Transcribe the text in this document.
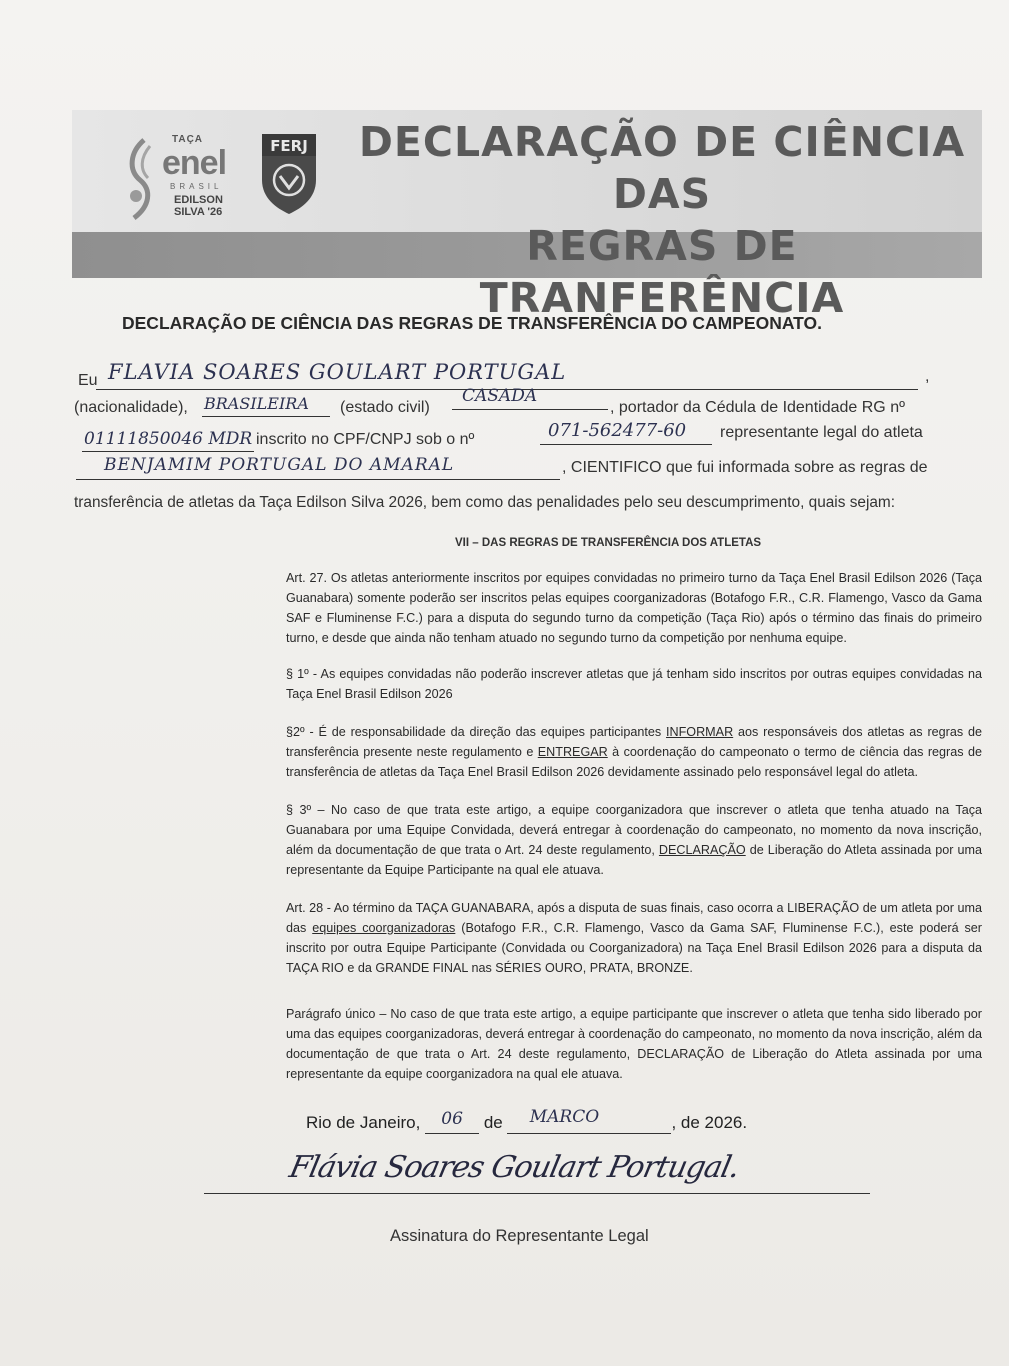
TAÇA
enel
BRASIL
EDILSON
SILVA '26
FERJ DECLARAÇÃO DE CIÊNCIA DAS
REGRAS DE TRANFERÊNCIA
DECLARAÇÃO DE CIÊNCIA DAS REGRAS DE TRANSFERÊNCIA DO CAMPEONATO.
Eu FLAVIA SOARES GOULART PORTUGAL	,
(nacionalidade), BRASILEIRA (estado civil)
CASADA
, portador da Cédula de Identidade RG nº
01111850046 MDR inscrito no CPF/CNPJ sob o nº	071-562477-60 representante legal do atleta
BENJAMIM PORTUGAL DO AMARAL	, CIENTIFICO que fui informada sobre as regras de
transferência de atletas da Taça Edilson Silva 2026, bem como das penalidades pelo seu descumprimento, quais sejam:
VII – DAS REGRAS DE TRANSFERÊNCIA DOS ATLETAS
Art. 27. Os atletas anteriormente inscritos por equipes convidadas no primeiro turno da Taça Enel Brasil Edilson 2026 (Taça Guanabara) somente poderão ser inscritos pelas equipes coorganizadoras (Botafogo F.R., C.R. Flamengo, Vasco da Gama SAF e Fluminense F.C.) para a disputa do segundo turno da competição (Taça Rio) após o término das finais do primeiro turno, e desde que ainda não tenham atuado no segundo turno da competição por nenhuma equipe.
§ 1º - As equipes convidadas não poderão inscrever atletas que já tenham sido inscritos por outras equipes convidadas na Taça Enel Brasil Edilson 2026
§2º - É de responsabilidade da direção das equipes participantes INFORMAR aos responsáveis dos atletas as regras de transferência presente neste regulamento e ENTREGAR à coordenação do campeonato o termo de ciência das regras de transferência de atletas da Taça Enel Brasil Edilson 2026 devidamente assinado pelo responsável legal do atleta.
§ 3º – No caso de que trata este artigo, a equipe coorganizadora que inscrever o atleta que tenha atuado na Taça Guanabara por uma Equipe Convidada, deverá entregar à coordenação do campeonato, no momento da nova inscrição, além da documentação de que trata o Art. 24 deste regulamento, DECLARAÇÃO de Liberação do Atleta assinada por uma representante da Equipe Participante na qual ele atuava.
Art. 28 - Ao término da TAÇA GUANABARA, após a disputa de suas finais, caso ocorra a LIBERAÇÃO de um atleta por uma das equipes coorganizadoras (Botafogo F.R., C.R. Flamengo, Vasco da Gama SAF, Fluminense F.C.), este poderá ser inscrito por outra Equipe Participante (Convidada ou Coorganizadora) na Taça Enel Brasil Edilson 2026 para a disputa da TAÇA RIO e da GRANDE FINAL nas SÉRIES OURO, PRATA, BRONZE.
Parágrafo único – No caso de que trata este artigo, a equipe participante que inscrever o atleta que tenha sido liberado por uma das equipes coorganizadoras, deverá entregar à coordenação do campeonato, no momento da nova inscrição, além da documentação de que trata o Art. 24 deste regulamento, DECLARAÇÃO de Liberação do Atleta assinada por uma representante da equipe coorganizadora na qual ele atuava.
Rio de Janeiro, 06 de MARCO	, de 2026.
Flávia Soares Goulart Portugal.
Assinatura do Representante Legal
